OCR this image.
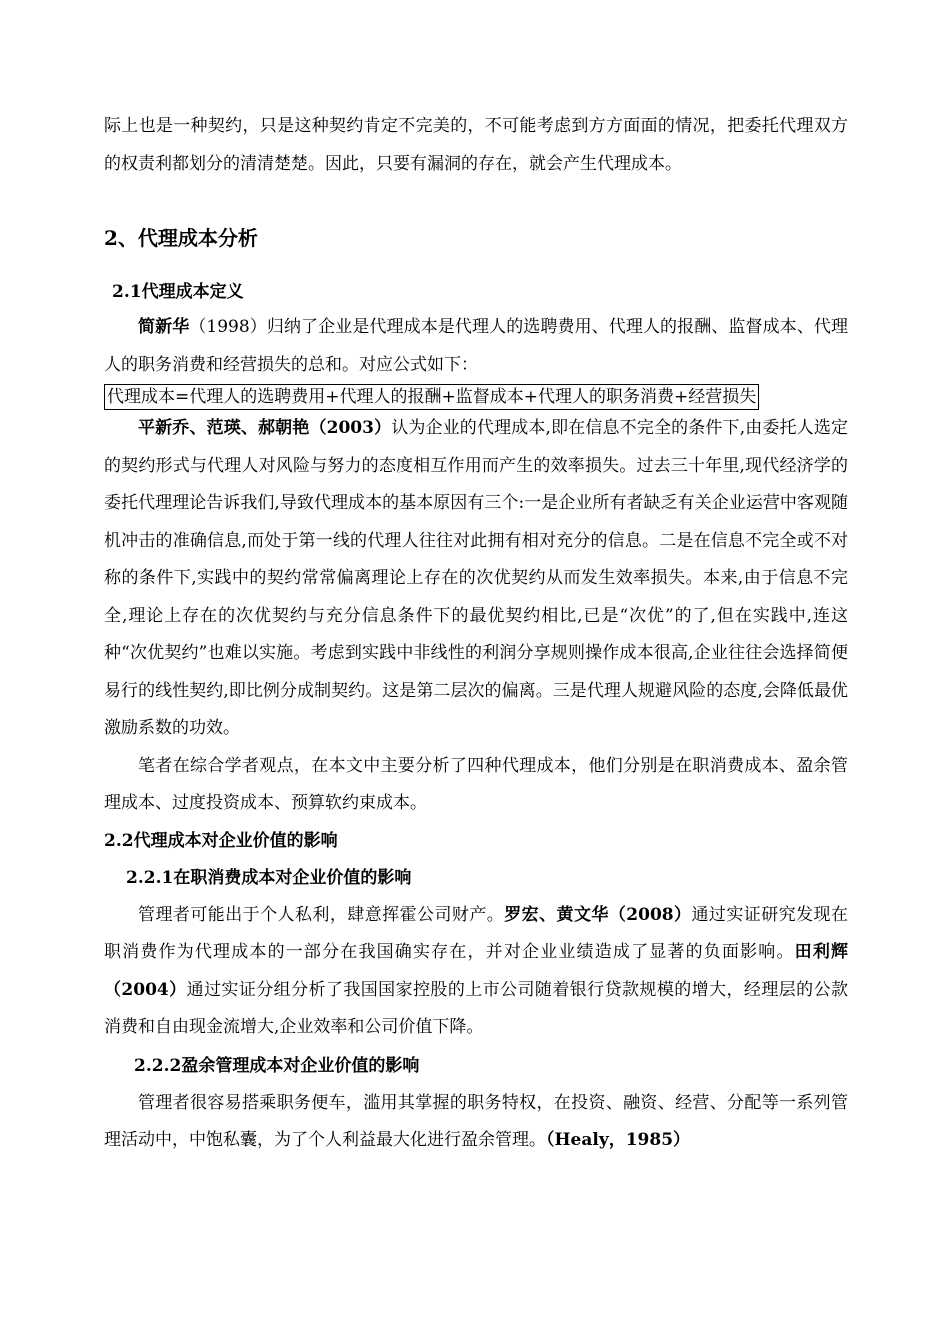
际上也是一种契约，只是这种契约肯定不完美的，不可能考虑到方方面面的情况，把委托代理双方的权责利都划分的清清楚楚。因此，只要有漏洞的存在，就会产生代理成本。

2、代理成本分析
2.1代理成本定义

简新华（1998）归纳了企业是代理成本是代理人的选聘费用、代理人的报酬、监督成本、代理人的职务消费和经营损失的总和。对应公式如下：

代理成本=代理人的选聘费用+代理人的报酬+监督成本+代理人的职务消费+经营损失

平新乔、范瑛、郝朝艳（2003）认为企业的代理成本,即在信息不完全的条件下,由委托人选定的契约形式与代理人对风险与努力的态度相互作用而产生的效率损失。过去三十年里,现代经济学的委托代理理论告诉我们,导致代理成本的基本原因有三个:一是企业所有者缺乏有关企业运营中客观随机冲击的准确信息,而处于第一线的代理人往往对此拥有相对充分的信息。二是在信息不完全或不对称的条件下,实践中的契约常常偏离理论上存在的次优契约从而发生效率损失。本来,由于信息不完全,理论上存在的次优契约与充分信息条件下的最优契约相比,已是“次优”的了,但在实践中,连这种“次优契约”也难以实施。考虑到实践中非线性的利润分享规则操作成本很高,企业往往会选择简便易行的线性契约,即比例分成制契约。这是第二层次的偏离。三是代理人规避风险的态度,会降低最优激励系数的功效。

笔者在综合学者观点，在本文中主要分析了四种代理成本，他们分别是在职消费成本、盈余管理成本、过度投资成本、预算软约束成本。

2.2代理成本对企业价值的影响
2.2.1在职消费成本对企业价值的影响

管理者可能出于个人私利，肆意挥霍公司财产。罗宏、黄文华（2008）通过实证研究发现在职消费作为代理成本的一部分在我国确实存在，并对企业业绩造成了显著的负面影响。田利辉（2004）通过实证分组分析了我国国家控股的上市公司随着银行贷款规模的增大，经理层的公款消费和自由现金流增大,企业效率和公司价值下降。

2.2.2盈余管理成本对企业价值的影响

管理者很容易搭乘职务便车，滥用其掌握的职务特权，在投资、融资、经营、分配等一系列管理活动中，中饱私囊，为了个人利益最大化进行盈余管理。（Healy，1985）
